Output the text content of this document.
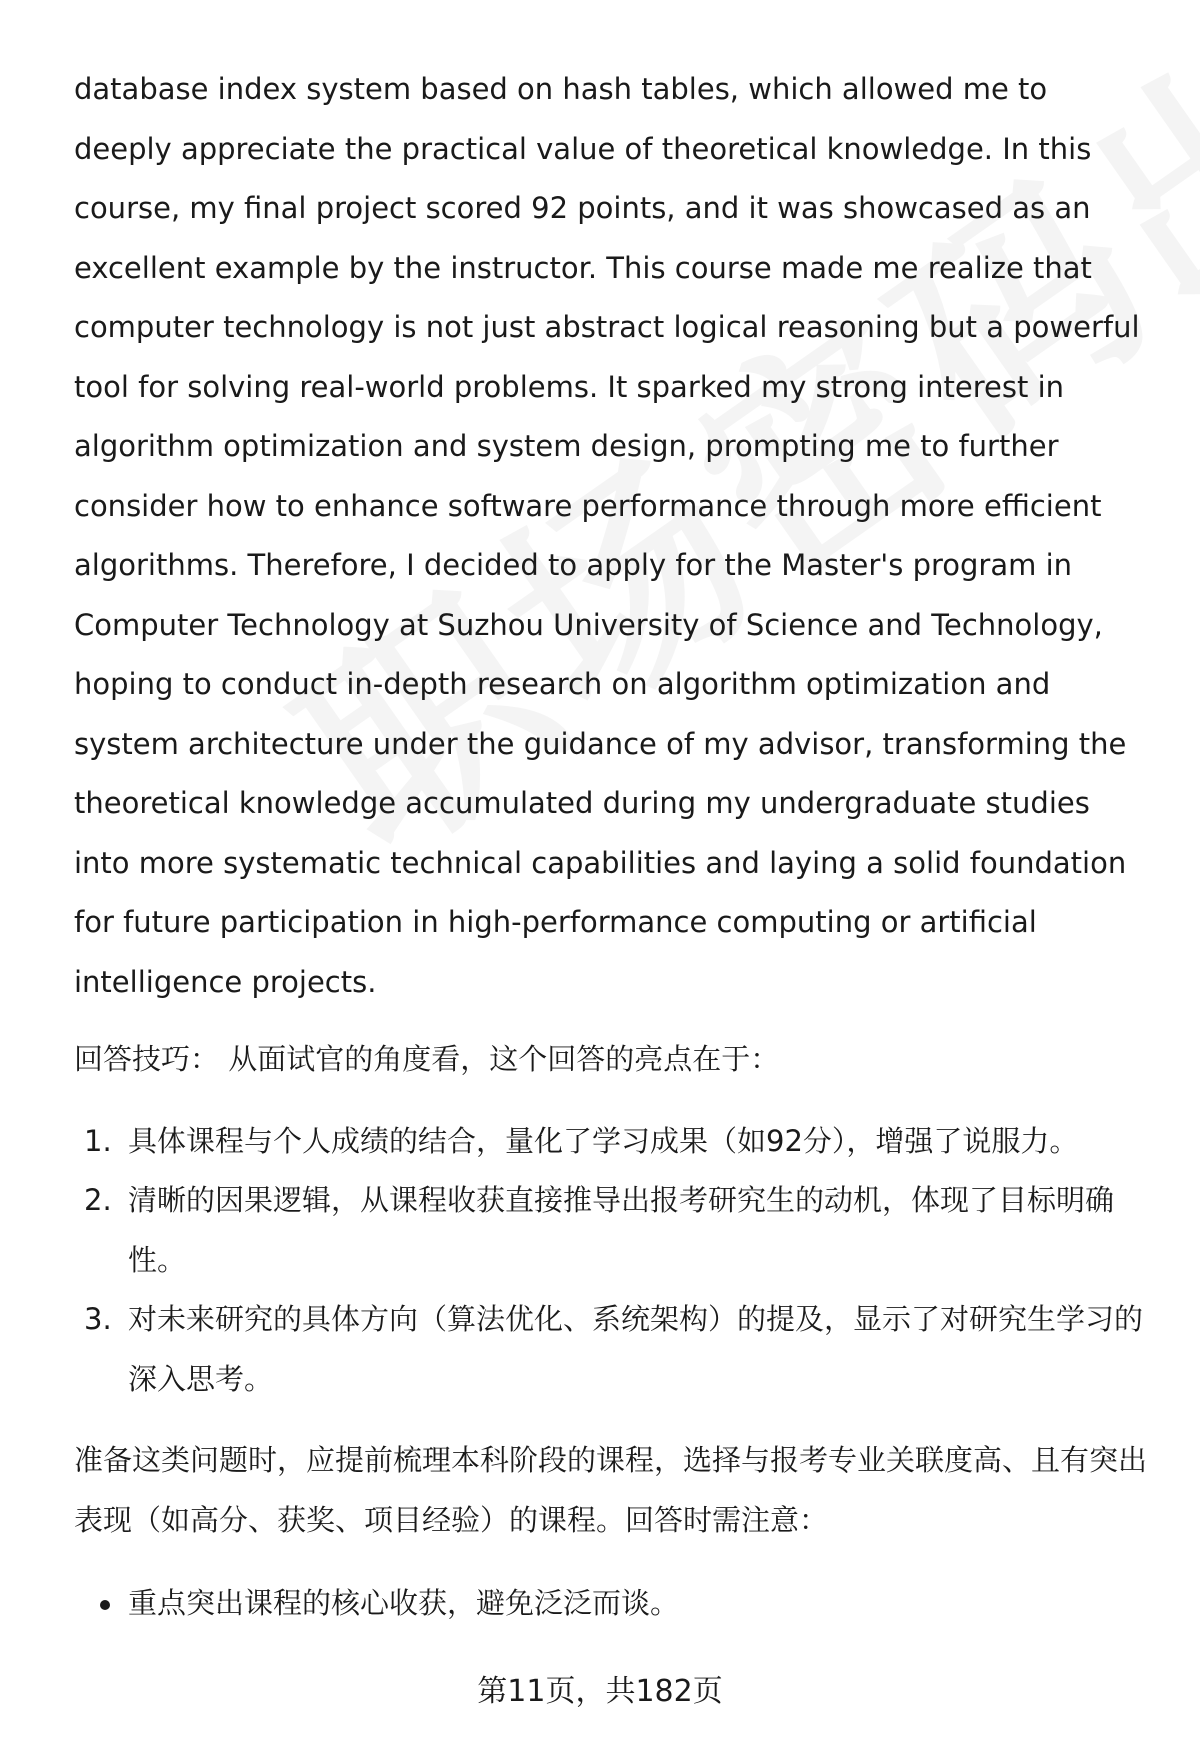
database index system based on hash tables, which allowed me to deeply appreciate the practical value of theoretical knowledge. In this course, my final project scored 92 points, and it was showcased as an excellent example by the instructor. This course made me realize that computer technology is not just abstract logical reasoning but a powerful tool for solving real-world problems. It sparked my strong interest in algorithm optimization and system design, prompting me to further consider how to enhance software performance through more efficient algorithms. Therefore, I decided to apply for the Master's program in Computer Technology at Suzhou University of Science and Technology, hoping to conduct in-depth research on algorithm optimization and system architecture under the guidance of my advisor, transforming the theoretical knowledge accumulated during my undergraduate studies into more systematic technical capabilities and laying a solid foundation for future participation in high-performance computing or artificial intelligence projects.

回答技巧： 从面试官的角度看，这个回答的亮点在于：

1. 具体课程与个人成绩的结合，量化了学习成果（如92分），增强了说服力。
2. 清晰的因果逻辑，从课程收获直接推导出报考研究生的动机，体现了目标明确性。
3. 对未来研究的具体方向（算法优化、系统架构）的提及，显示了对研究生学习的深入思考。

准备这类问题时，应提前梳理本科阶段的课程，选择与报考专业关联度高、且有突出表现（如高分、获奖、项目经验）的课程。回答时需注意：

重点突出课程的核心收获，避免泛泛而谈。
第11页，共182页
